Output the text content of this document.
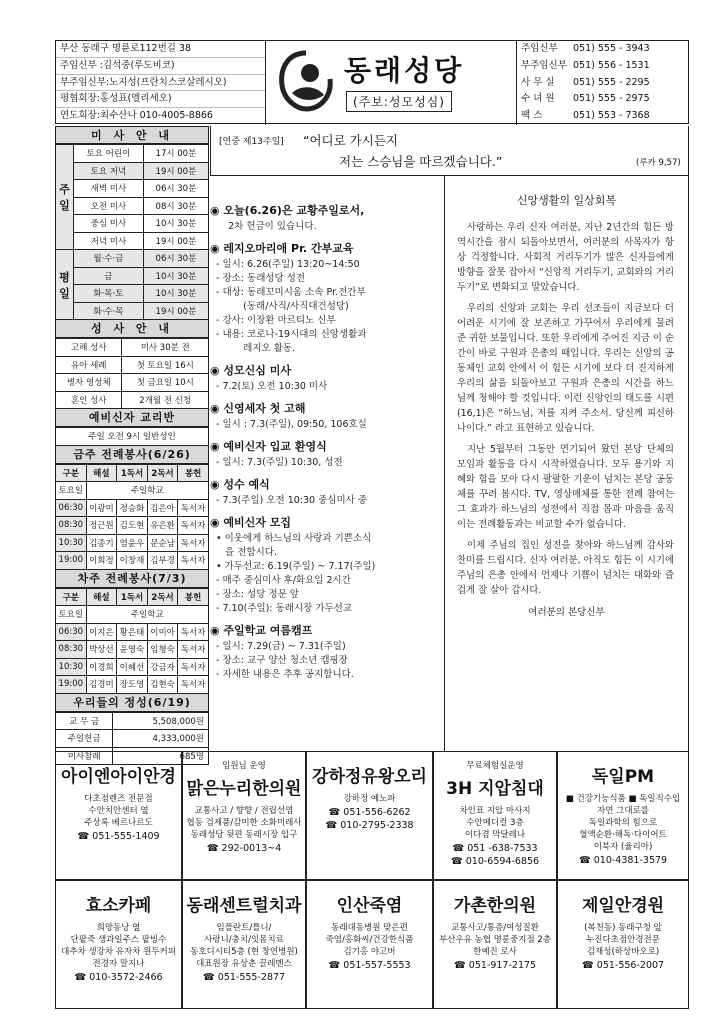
부산 동래구 명륜로112번길 38
주임신부 :김석중(루도비코)
부주임신부:노지성(프란치스코살레시오)
평협회장:홍성표(엘리세오)
연도회장:최수산나 010-4005-8866
동래성당
(주보:성모성심)
주임신부	051) 555 - 3943
부주임신부 051) 556 - 1531
사 무 실	051) 555 - 2295
수 녀 원	051) 555 - 2975
팩 스	051) 553 - 7368
미 사 안 내
주
일	토요 어린이	17시 00분
	토요 저녁	19시 00분
	새벽 미사	06시 30분
	오전 미사	08시 30분
	중심 미사	10시 30분
	저녁 미사	19시 00분
평
일	월·수·금	06시 30분
	금	10시 30분
	화·목·토	10시 30분
	화·수·목	19시 00분
성 사 안 내
고해 성사	미사 30분 전
유아 세례	첫 토요일 16시
병자 영성체	첫 금요일 10시
혼인 성사	2개월 전 신청
예비신자 교리반
주일 오전 9시 일반성인
금주 전례봉사(6/26)
구분	해설	1독서	2독서	봉헌
토요일	주일학교			
06:30	이광미	정승화	김은아	독서자
08:30	정근원	김도현	유은환	독서자
10:30	김종기	염윤우	문순남	독서자
19:00	이희정	이창재	김부경	독서자
차주 전례봉사(7/3)
구분	해설	1독서	2독서	봉헌
토요일	주일학교			
06:30	이지은	황은태	이미아	독서자
08:30	박상선	윤영숙	임형숙	독서자
10:30	이경희	이혜선	강금자	독서자
19:00	김경미	장도영	김현숙	독서자
우리들의 정성(6/19)
교 무 금	5,508,000원
주일헌금	4,333,000원
미사참례	685명
[연중 제13주일] “어디로 가시든지
저는 스승님을 따르겠습니다.”	(루카 9,57)
◉ 오늘(6.26)은 교황주일로서,
2차 헌금이 있습니다.
◉ 레지오마리애 Pr. 간부교육
- 일시: 6.26(주일) 13:20~14:50
- 장소: 동래성당 성전
- 대상: 동래꼬미시움 소속 Pr.전간부
(동래/사직/사직대건성당)
- 강사: 이장환 마르티노 신부
- 내용: 코로나-19시대의 신앙생활과
레지오 활동.
◉ 성모신심 미사
- 7.2(토) 오전 10:30 미사
◉ 신영세자 첫 고해
- 일시 : 7.3(주일), 09:50, 106호실
◉ 예비신자 입교 환영식
- 일시: 7.3(주일) 10:30, 성전
◉ 성수 예식
- 7.3(주일) 오전 10:30 중심미사 중
◉ 예비신자 모집
• 이웃에게 하느님의 사랑과 기쁜소식
을 전합시다.
• 가두선교: 6.19(주일) ~ 7.17(주일)
- 매주 중심미사 후/화요일 2시간
- 장소: 성당 정문 앞
- 7.10(주일): 동래시장 가두선교
◉ 주일학교 여름캠프
- 일시: 7.29(금) ~ 7.31(주일)
- 장소: 교구 양산 청소년 캠핑장
- 자세한 내용은 추후 공지합니다.
신앙생활의 일상회복

사랑하는 우리 신자 여러분, 지난 2년간의 힘든 방역시간을 잠시 되돌아보면서, 여러분의 사목자가 항상 걱정합니다. 사회적 거리두기가 많은 신자들에게 방향을 잘못 잡아서 “신앙적 거리두기, 교회와의 거리두기”로 변화되고 말았습니다.

우리의 신앙과 교회는 우리 선조들이 지금보다 더 어려운 시기에 잘 보존하고 가꾸어서 우리에게 물려준 귀한 보물입니다. 또한 우리에게 주어진 지금 이 순간이 바로 구원과 은총의 때입니다. 우리는 신앙의 공동체인 교회 안에서 이 힘든 시기에 보다 더 진지하게 우리의 삶을 되돌아보고 구원과 은총의 시간을 하느님께 청해야 할 것입니다. 이런 신앙인의 태도를 시편(16,1)은 “하느님, 저를 지켜 주소서. 당신께 피신하나이다.” 라고 표현하고 있습니다.

지난 5월부터 그동안 연기되어 왔던 본당 단체의 모임과 활동을 다시 시작하였습니다. 모두 용기와 지혜와 힘을 모아 다시 팔팔한 기운이 넘치는 본당 공동체를 꾸려 봅시다. TV, 영상매체를 통한 전례 참여는 그 효과가 하느님의 성전에서 직접 몸과 마음을 움직이는 전례활동과는 비교할 수가 없습니다.

이제 주님의 집인 성전을 찾아와 하느님께 감사와 찬미를 드립시다. 신자 여러분, 아직도 힘든 이 시기에 주님의 은총 안에서 언제나 기쁨이 넘치는 대화와 즐겁게 잘 살아 갑시다.

여러분의 본당신부
아이엔아이안경
다초점렌즈 전문점
수안치안센터 옆
주상록 베르나르도
☎ 051-555-1409
임원님 운영
맑은누리한의원
교통사고 / 향향 / 전립선염
협동 검제품/감미한 소화미레사
동래성당 뒷편 동래시장 입구
☎ 292-0013~4
강하정유왕오리
강하정 예노파
☎ 051-556-6262
☎ 010-2795-2338
무료체험실운영
3H 지압침대
차인표 지압 마사지
수안메디컬 3층
이다겸 막달레나
☎ 051 -638-7533
☎ 010-6594-6856
독일PM
■ 건강기능식품 ■ 독일직수입
자연 그대로를
독일과학의 힘으로
혈액순환·해독·다이어트
이북자 (율리아)
☎ 010-4381-3579
효소카페
희망동낭 옆
단팥죽 생과일주스 팥빙수
대추차 생강차 유자차 원두커피
전경자 말지나
☎ 010-3572-2466
동래센트럴치과
임플란트/틀니/
사랑니/충치/잇몸치료
동호디시티5층 (현 창연병원)
대표원장 유상춘 끌레멘스
☎ 051-555-2877
인산죽염
동래대동병원 맞은편
죽염/홍화씨/건강한식품
김기홍 야고버
☎ 051-557-5553
가촌한의원
교통사고/통증/여성질환
부산우유 농협 명륜중지점 2층
한예진 로사
☎ 051-917-2175
제일안경원
(복천동) 동래구청 앞
누진다초점안경전문
김재성(하상바오로)
☎ 051-556-2007
